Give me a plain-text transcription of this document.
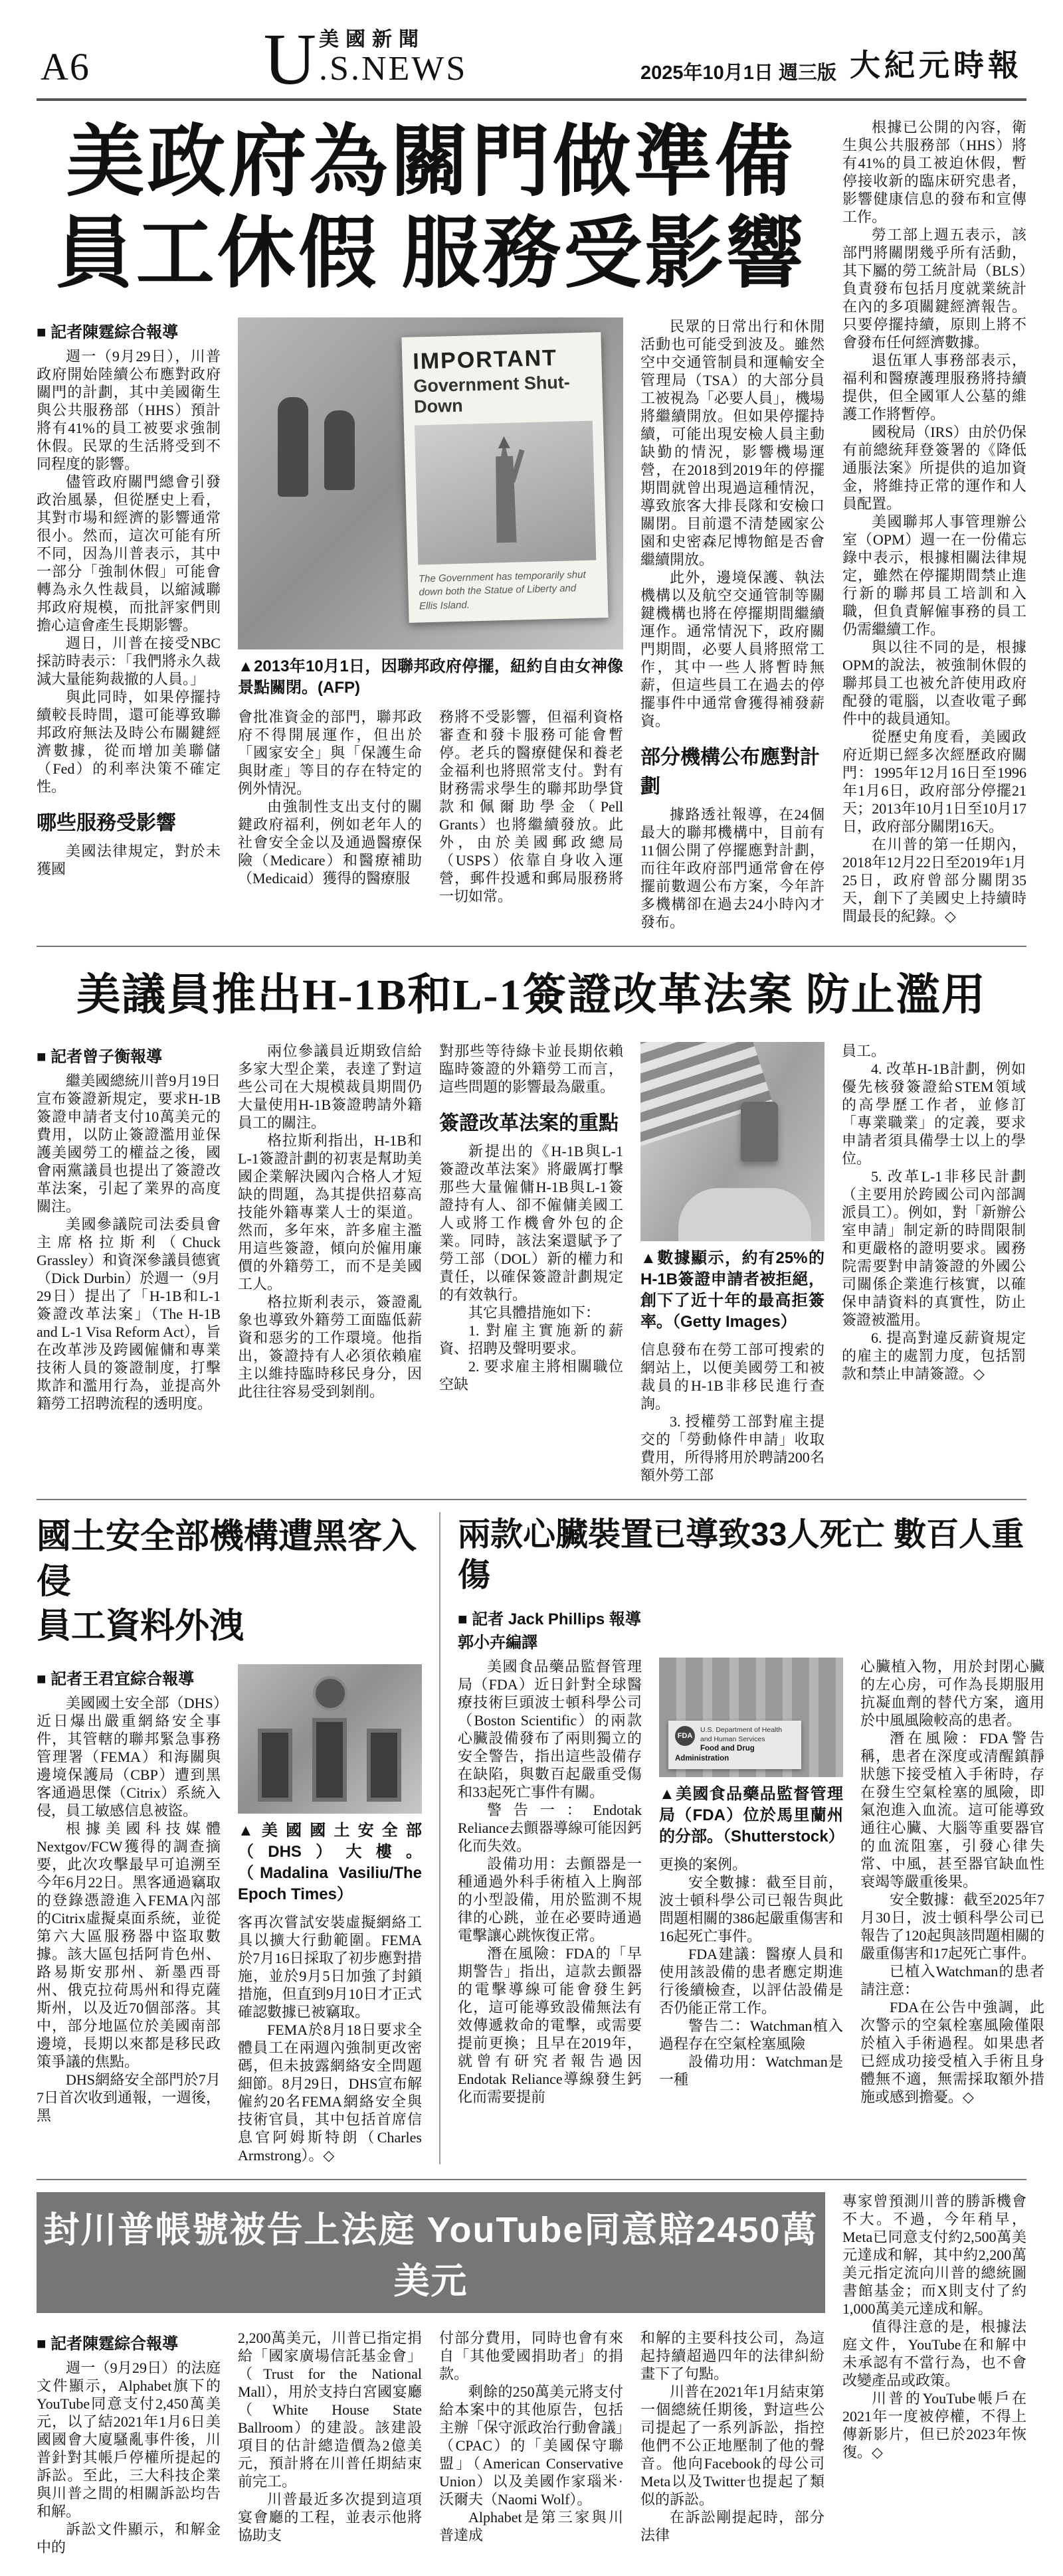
A6 U 美國新聞
.S.NEWS	2025年10月1日 週三版 大紀元時報
美政府為關門做準備
員工休假 服務受影響
■ 記者陳霆綜合報導

週一（9月29日），川普政府開始陸續公布應對政府關門的計劃，其中美國衛生與公共服務部（HHS）預計將有41%的員工被要求強制休假。民眾的生活將受到不同程度的影響。

儘管政府關門總會引發政治風暴，但從歷史上看，其對市場和經濟的影響通常很小。然而，這次可能有所不同，因為川普表示，其中一部分「強制休假」可能會轉為永久性裁員，以縮減聯邦政府規模，而批評家們則擔心這會產生長期影響。

週日，川普在接受NBC採訪時表示：「我們將永久裁減大量能夠裁撤的人員。」

與此同時，如果停擺持續較長時間，還可能導致聯邦政府無法及時公布關鍵經濟數據，從而增加美聯儲（Fed）的利率決策不確定性。

哪些服務受影響

美國法律規定，對於未獲國

IMPORTANT
Government Shut-Down
The Government has temporarily shut down both the Statue of Liberty and Ellis Island.
▲2013年10月1日，因聯邦政府停擺，紐約自由女神像景點關閉。(AFP)

會批准資金的部門，聯邦政府不得開展運作，但出於「國家安全」與「保護生命與財產」等目的存在特定的例外情況。

由強制性支出支付的關鍵政府福利，例如老年人的社會安全金以及通過醫療保險（Medicare）和醫療補助（Medicaid）獲得的醫療服

務將不受影響，但福利資格審查和發卡服務可能會暫停。老兵的醫療健保和養老金福利也將照常支付。對有財務需求學生的聯邦助學貸款和佩爾助學金（Pell Grants）也將繼續發放。此外，由於美國郵政總局（USPS）依靠自身收入運營，郵件投遞和郵局服務將一切如常。

民眾的日常出行和休閒活動也可能受到波及。雖然空中交通管制員和運輸安全管理局（TSA）的大部分員工被視為「必要人員」，機場將繼續開放。但如果停擺持續，可能出現安檢人員主動缺勤的情況，影響機場運營，在2018到2019年的停擺期間就曾出現過這種情況，導致旅客大排長隊和安檢口關閉。目前還不清楚國家公園和史密森尼博物館是否會繼續開放。

此外，邊境保護、執法機構以及航空交通管制等關鍵機構也將在停擺期間繼續運作。通常情況下，政府關門期間，必要人員將照常工作，其中一些人將暫時無薪，但這些員工在過去的停擺事件中通常會獲得補發薪資。

部分機構公布應對計劃

據路透社報導，在24個最大的聯邦機構中，目前有11個公開了停擺應對計劃，而往年政府部門通常會在停擺前數週公布方案，今年許多機構卻在過去24小時內才發布。

根據已公開的內容，衛生與公共服務部（HHS）將有41%的員工被迫休假，暫停接收新的臨床研究患者，影響健康信息的發布和宣傳工作。

勞工部上週五表示，該部門將關閉幾乎所有活動，其下屬的勞工統計局（BLS）負責發布包括月度就業統計在內的多項關鍵經濟報告。只要停擺持續，原則上將不會發布任何經濟數據。

退伍軍人事務部表示，福利和醫療護理服務將持續提供，但全國軍人公墓的維護工作將暫停。

國稅局（IRS）由於仍保有前總統拜登簽署的《降低通脹法案》所提供的追加資金，將維持正常的運作和人員配置。

美國聯邦人事管理辦公室（OPM）週一在一份備忘錄中表示，根據相關法律規定，雖然在停擺期間禁止進行新的聯邦員工培訓和入職，但負責解僱事務的員工仍需繼續工作。

與以往不同的是，根據OPM的說法，被強制休假的聯邦員工也被允許使用政府配發的電腦，以查收電子郵件中的裁員通知。

從歷史角度看，美國政府近期已經多次經歷政府關門：1995年12月16日至1996年1月6日，政府部分停擺21天；2013年10月1日至10月17日，政府部分關閉16天。

在川普的第一任期內，2018年12月22日至2019年1月25日，政府曾部分關閉35天，創下了美國史上持續時間最長的紀錄。◇

美議員推出H-1B和L-1簽證改革法案 防止濫用
■ 記者曾子衡報導

繼美國總統川普9月19日宣布簽證新規定，要求H-1B簽證申請者支付10萬美元的費用，以防止簽證濫用並保護美國勞工的權益之後，國會兩黨議員也提出了簽證改革法案，引起了業界的高度關注。

美國參議院司法委員會主席格拉斯利（Chuck Grassley）和資深參議員德賓（Dick Durbin）於週一（9月29日）提出了「H-1B和L-1簽證改革法案」（The H-1B and L-1 Visa Reform Act），旨在改革涉及跨國僱傭和專業技術人員的簽證制度，打擊欺詐和濫用行為，並提高外籍勞工招聘流程的透明度。

兩位參議員近期致信給多家大型企業，表達了對這些公司在大規模裁員期間仍大量使用H-1B簽證聘請外籍員工的關注。

格拉斯利指出，H-1B和L-1簽證計劃的初衷是幫助美國企業解決國內合格人才短缺的問題，為其提供招募高技能外籍專業人士的渠道。然而，多年來，許多雇主濫用這些簽證，傾向於僱用廉價的外籍勞工，而不是美國工人。

格拉斯利表示，簽證亂象也導致外籍勞工面臨低薪資和惡劣的工作環境。他指出，簽證持有人必須依賴雇主以維持臨時移民身分，因此往往容易受到剝削。

對那些等待綠卡並長期依賴臨時簽證的外籍勞工而言，這些問題的影響最為嚴重。

簽證改革法案的重點

新提出的《H-1B與L-1簽證改革法案》將嚴厲打擊那些大量僱傭H-1B與L-1簽證持有人、卻不僱傭美國工人或將工作機會外包的企業。同時，該法案還賦予了勞工部（DOL）新的權力和責任，以確保簽證計劃規定的有效執行。

其它具體措施如下：

1. 對雇主實施新的薪資、招聘及聲明要求。

2. 要求雇主將相關職位空缺

▲數據顯示，約有25%的H-1B簽證申請者被拒絕，創下了近十年的最高拒簽率。（Getty Images）

信息發布在勞工部可搜索的網站上，以便美國勞工和被裁員的H-1B非移民進行查詢。

3. 授權勞工部對雇主提交的「勞動條件申請」收取費用，所得將用於聘請200名額外勞工部

員工。

4. 改革H-1B計劃，例如優先核發簽證給STEM領域的高學歷工作者，並修訂「專業職業」的定義，要求申請者須具備學士以上的學位。

5. 改革L-1非移民計劃（主要用於跨國公司內部調派員工）。例如，對「新辦公室申請」制定新的時間限制和更嚴格的證明要求。國務院需要對申請簽證的外國公司關係企業進行核實，以確保申請資料的真實性，防止簽證被濫用。

6. 提高對違反薪資規定的雇主的處罰力度，包括罰款和禁止申請簽證。◇

國土安全部機構遭黑客入侵
員工資料外洩
■ 記者王君宜綜合報導

美國國土安全部（DHS）近日爆出嚴重網絡安全事件，其管轄的聯邦緊急事務管理署（FEMA）和海關與邊境保護局（CBP）遭到黑客通過思傑（Citrix）系統入侵，員工敏感信息被盜。

根據美國科技媒體Nextgov/FCW獲得的調查摘要，此次攻擊最早可追溯至今年6月22日。黑客通過竊取的登錄憑證進入FEMA內部的Citrix虛擬桌面系統，並從第六大區服務器中盜取數據。該大區包括阿肯色州、路易斯安那州、新墨西哥州、俄克拉荷馬州和得克薩斯州，以及近70個部落。其中，部分地區位於美國南部邊境，長期以來都是移民政策爭議的焦點。

DHS網絡安全部門於7月7日首次收到通報，一週後，黑

▲美國國土安全部（DHS）大樓。（Madalina Vasiliu/The Epoch Times）

客再次嘗試安裝虛擬網絡工具以擴大行動範圍。FEMA於7月16日採取了初步應對措施，並於9月5日加強了封鎖措施，但直到9月10日才正式確認數據已被竊取。

FEMA於8月18日要求全體員工在兩週內強制更改密碼，但未披露網絡安全問題細節。8月29日，DHS宣布解僱約20名FEMA網絡安全與技術官員，其中包括首席信息官阿姆斯特朗（Charles Armstrong）。◇

兩款心臟裝置已導致33人死亡 數百人重傷
■ 記者 Jack Phillips 報導
郭小卉編譯

美國食品藥品監督管理局（FDA）近日針對全球醫療技術巨頭波士頓科學公司（Boston Scientific）的兩款心臟設備發布了兩則獨立的安全警告，指出這些設備存在缺陷，與數百起嚴重受傷和33起死亡事件有關。

警告一：Endotak Reliance去顫器導線可能因鈣化而失效。

設備功用：去顫器是一種通過外科手術植入上胸部的小型設備，用於監測不規律的心跳，並在必要時通過電擊讓心跳恢復正常。

潛在風險：FDA的「早期警告」指出，這款去顫器的電擊導線可能會發生鈣化，這可能導致設備無法有效傳遞救命的電擊，或需要提前更換；且早在2019年，就曾有研究者報告過因Endotak Reliance導線發生鈣化而需要提前

FDA
U.S. Department of Health and Human Services
Food and Drug Administration
▲美國食品藥品監督管理局（FDA）位於馬里蘭州的分部。（Shutterstock）

更換的案例。

安全數據：截至目前，波士頓科學公司已報告與此問題相關的386起嚴重傷害和16起死亡事件。

FDA建議：醫療人員和使用該設備的患者應定期進行後續檢查，以評估設備是否仍能正常工作。

警告二：Watchman植入過程存在空氣栓塞風險

設備功用：Watchman是一種

心臟植入物，用於封閉心臟的左心房，可作為長期服用抗凝血劑的替代方案，適用於中風風險較高的患者。

潛在風險：FDA警告稱，患者在深度或清醒鎮靜狀態下接受植入手術時，存在發生空氣栓塞的風險，即氣泡進入血流。這可能導致通往心臟、大腦等重要器官的血流阻塞，引發心律失常、中風，甚至器官缺血性衰竭等嚴重後果。

安全數據：截至2025年7月30日，波士頓科學公司已報告了120起與該問題相關的嚴重傷害和17起死亡事件。

已植入Watchman的患者請注意：

FDA在公告中強調，此次警示的空氣栓塞風險僅限於植入手術過程。如果患者已經成功接受植入手術且身體無不適，無需採取額外措施或感到擔憂。◇

封川普帳號被告上法庭 YouTube同意賠2450萬美元
■ 記者陳霆綜合報導

週一（9月29日）的法庭文件顯示，Alphabet旗下的YouTube同意支付2,450萬美元，以了結2021年1月6日美國國會大廈騷亂事件後，川普針對其帳戶停權所提起的訴訟。至此，三大科技企業與川普之間的相關訴訟均告和解。

訴訟文件顯示，和解金中的

2,200萬美元，川普已指定捐給「國家廣場信託基金會」（Trust for the National Mall），用於支持白宮國宴廳（White House State Ballroom）的建設。該建設項目的估計總造價為2億美元，預計將在川普任期結束前完工。

川普最近多次提到這項宴會廳的工程，並表示他將協助支

付部分費用，同時也會有來自「其他愛國捐助者」的捐款。

剩餘的250萬美元將支付給本案中的其他原告，包括主辦「保守派政治行動會議」（CPAC）的「美國保守聯盟」（American Conservative Union）以及美國作家瑙米·沃爾夫（Naomi Wolf）。

Alphabet是第三家與川普達成

和解的主要科技公司，為這起持續超過四年的法律糾紛畫下了句點。

川普在2021年1月結束第一個總統任期後，對這些公司提起了一系列訴訟，指控他們不公正地壓制了他的聲音。他向Facebook的母公司Meta以及Twitter也提起了類似的訴訟。

在訴訟剛提起時，部分法律

專家曾預測川普的勝訴機會不大。不過，今年稍早，Meta已同意支付約2,500萬美元達成和解，其中約2,200萬美元指定流向川普的總統圖書館基金；而X則支付了約1,000萬美元達成和解。

值得注意的是，根據法庭文件，YouTube在和解中未承認有不當行為，也不會改變產品或政策。

川普的YouTube帳戶在2021年一度被停權，不得上傳新影片，但已於2023年恢復。◇
